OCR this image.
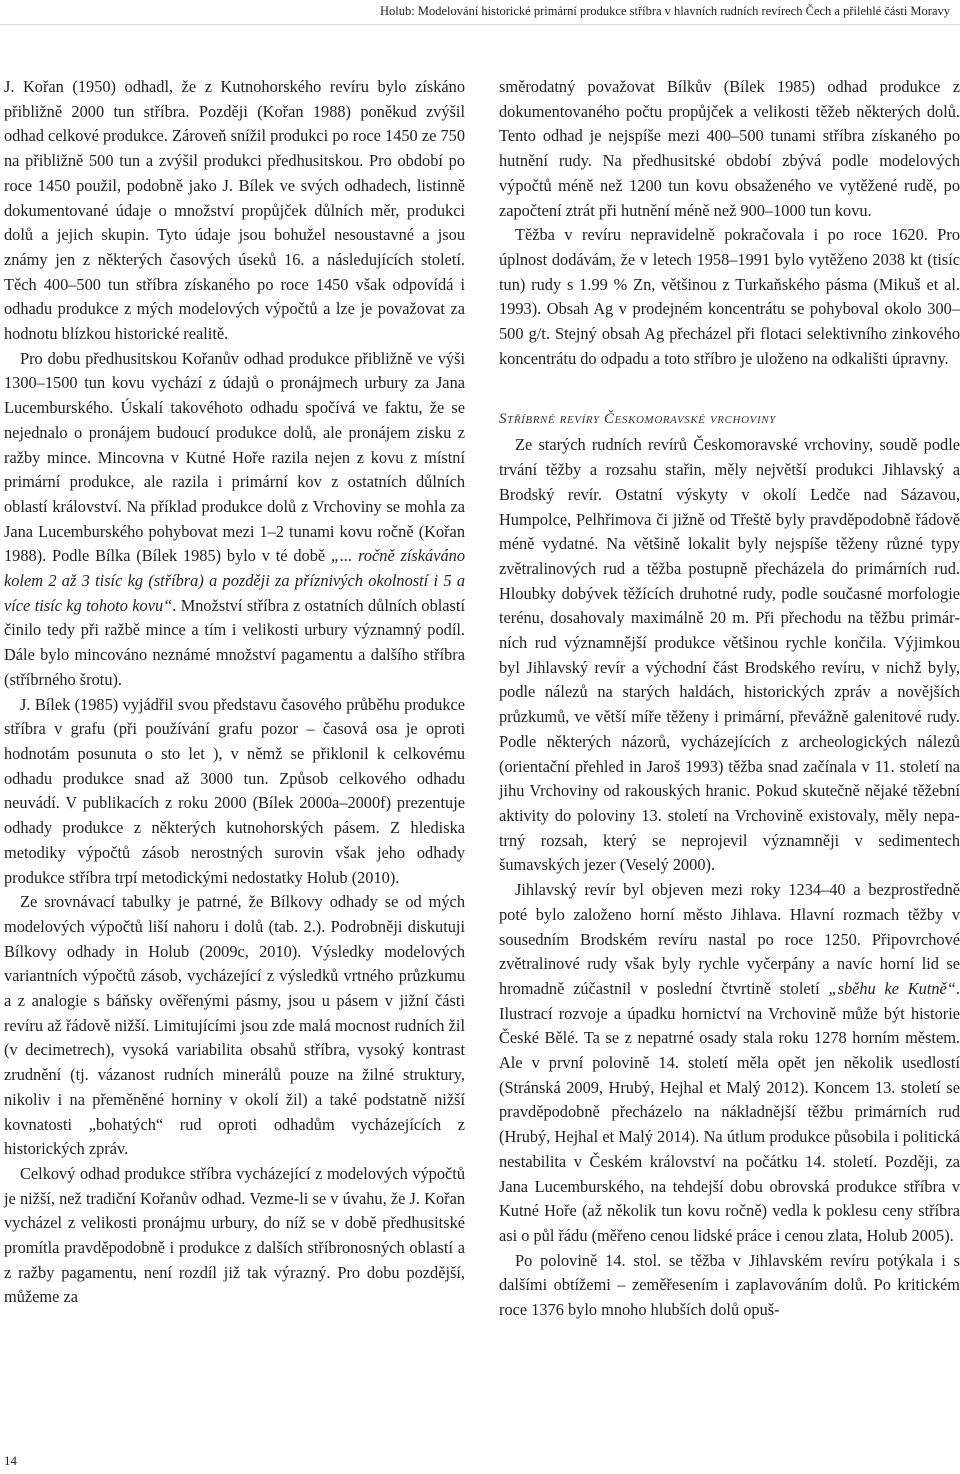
Holub: Modelování historické primární produkce stříbra v hlavních rudních revírech Čech a přilehlé části Moravy

J. Kořan (1950) odhadl, že z Kutnohorského revíru bylo získáno přibližně 2000 tun stříbra. Později (Kořan 1988) poněkud zvýšil odhad celkové produkce. Zároveň snížil produkci po roce 1450 ze 750 na přibližně 500 tun a zvýšil produkci předhusitskou. Pro období po roce 1450 použil, podobně jako J. Bílek ve svých odhadech, listinně dokumentované údaje o množství propůjček důlních měr, produkci dolů a jejich skupin. Tyto údaje jsou bohužel nesoustavné a jsou známy jen z některých časových úseků 16. a následujících století. Těch 400–500 tun stříbra získaného po roce 1450 však odpovídá i odhadu produkce z mých modelových výpočtů a lze je považovat za hodnotu blízkou historické realitě.

Pro dobu předhusitskou Kořanův odhad produkce přibližně ve výši 1300–1500 tun kovu vychází z údajů o pronájmech urbury za Jana Lucemburského. Úskalí takovéhoto odhadu spočívá ve faktu, že se nejednalo o pronájem budoucí produkce dolů, ale pronájem zisku z ražby mince. Mincovna v Kutné Hoře razila nejen z kovu z místní primární produkce, ale razila i primární kov z ostatních důlních oblastí království. Na příklad produkce dolů z Vrchoviny se mohla za Jana Lucemburského pohybovat mezi 1–2 tunami kovu ročně (Kořan 1988). Podle Bílka (Bílek 1985) bylo v té době „... ročně získáváno kolem 2 až 3 tisíc kg (stříbra) a později za příznivých okolností i 5 a více tisíc kg tohoto kovu“. Množství stříbra z ostatních důlních oblastí činilo tedy při ražbě mince a tím i velikosti urbury významný podíl. Dále bylo mincováno neznámé množství pagamentu a dalšího stříbra (stříbrného šrotu).

J. Bílek (1985) vyjádřil svou představu časového průběhu produkce stříbra v grafu (při používání grafu pozor – časová osa je oproti hodnotám posunuta o sto let ), v němž se přiklonil k celkovému odhadu produkce snad až 3000 tun. Způsob celkového odhadu neuvádí. V publikacích z roku 2000 (Bílek 2000a–2000f) prezentuje odhady produkce z některých kutnohorských pásem. Z hlediska metodiky výpočtů zásob nerostných surovin však jeho odhady produkce stříbra trpí metodickými nedostatky Holub (2010).

Ze srovnávací tabulky je patrné, že Bílkovy odhady se od mých modelových výpočtů liší nahoru i dolů (tab. 2.). Podrobněji diskutuji Bílkovy odhady in Holub (2009c, 2010). Výsledky modelových variantních výpočtů zásob, vycházející z výsledků vrtného průzkumu a z analogie s báňsky ověřenými pásmy, jsou u pásem v jižní části revíru až řádově nižší. Limitujícími jsou zde malá mocnost rudních žil (v decimetrech), vysoká variabilita obsahů stříbra, vysoký kontrast zrudnění (tj. vázanost rudních minerálů pouze na žilné struktury, nikoliv i na přeměněné horniny v okolí žil) a také podstatně nižší kovnatosti „bohatých“ rud oproti odhadům vycházejících z historických zpráv.

Celkový odhad produkce stříbra vycházející z modelových výpočtů je nižší, než tradiční Kořanův odhad. Vezme-li se v úvahu, že J. Kořan vycházel z velikosti pronájmu urbury, do níž se v době předhusitské promítla pravděpodobně i produkce z dalších stříbronosných oblastí a z ražby pagamentu, není rozdíl již tak výrazný. Pro dobu pozdější, můžeme za

směrodatný považovat Bílkův (Bílek 1985) odhad produkce z dokumentovaného počtu propůjček a velikosti těžeb některých dolů. Tento odhad je nejspíše mezi 400–500 tunami stříbra získaného po hutnění rudy. Na předhusitské období zbývá podle modelových výpočtů méně než 1200 tun kovu obsaženého ve vytěžené rudě, po započtení ztrát při hutnění méně než 900–1000 tun kovu.

Těžba v revíru nepravidelně pokračovala i po roce 1620. Pro úplnost dodávám, že v letech 1958–1991 bylo vytěženo 2038 kt (tisíc tun) rudy s 1.99 % Zn, většinou z Turkaňského pásma (Mikuš et al. 1993). Obsah Ag v prodejném koncentrátu se pohyboval okolo 300–500 g/t. Stejný obsah Ag přecházel při flotaci selektivního zinkového koncentrátu do odpadu a toto stříbro je uloženo na odkališti úpravny.

Stříbrné revíry Českomoravské vrchoviny

Ze starých rudních revírů Českomoravské vrchoviny, soudě podle trvání těžby a rozsahu stařin, měly největší produkci Jihlavský a Brodský revír. Ostatní výskyty v okolí Ledče nad Sázavou, Humpolce, Pelhřimova či jižně od Třeště byly pravděpodobně řádově méně vydatné. Na většině lokalit byly nejspíše těženy různé typy zvětralinových rud a těžba postupně přecházela do primárních rud. Hloubky dobývek těžících druhotné rudy, podle současné morfologie terénu, dosahovaly maximálně 20 m. Při přechodu na těžbu primárních rud významnější produkce většinou rychle končila. Výjimkou byl Jihlavský revír a východní část Brodského revíru, v nichž byly, podle nálezů na starých haldách, historických zpráv a novějších průzkumů, ve větší míře těženy i primární, převážně galenitové rudy. Podle některých názorů, vycházejících z archeologických nálezů (orientační přehled in Jaroš 1993) těžba snad začínala v 11. století na jihu Vrchoviny od rakouských hranic. Pokud skutečně nějaké těžební aktivity do poloviny 13. století na Vrchovině existovaly, měly nepatrný rozsah, který se neprojevil významněji v sedimentech šumavských jezer (Veselý 2000).

Jihlavský revír byl objeven mezi roky 1234–40 a bezprostředně poté bylo založeno horní město Jihlava. Hlavní rozmach těžby v sousedním Brodském revíru nastal po roce 1250. Připovrchové zvětralinové rudy však byly rychle vyčerpány a navíc horní lid se hromadně zúčastnil v poslední čtvrtině století „sběhu ke Kutně“. Ilustrací rozvoje a úpadku hornictví na Vrchovině může být historie České Bělé. Ta se z nepatrné osady stala roku 1278 horním městem. Ale v první polovině 14. století měla opět jen několik usedlostí (Stránská 2009, Hrubý, Hejhal et Malý 2012). Koncem 13. století se pravděpodobně přecházelo na nákladnější těžbu primárních rud (Hrubý, Hejhal et Malý 2014). Na útlum produkce působila i politická nestabilita v Českém království na počátku 14. století. Později, za Jana Lucemburského, na tehdejší dobu obrovská produkce stříbra v Kutné Hoře (až několik tun kovu ročně) vedla k poklesu ceny stříbra asi o půl řádu (měřeno cenou lidské práce i cenou zlata, Holub 2005).

Po polovině 14. stol. se těžba v Jihlavském revíru potýkala i s dalšími obtížemi – zeměřesením i zaplavováním dolů. Po kritickém roce 1376 bylo mnoho hlubších dolů opuš-

14
